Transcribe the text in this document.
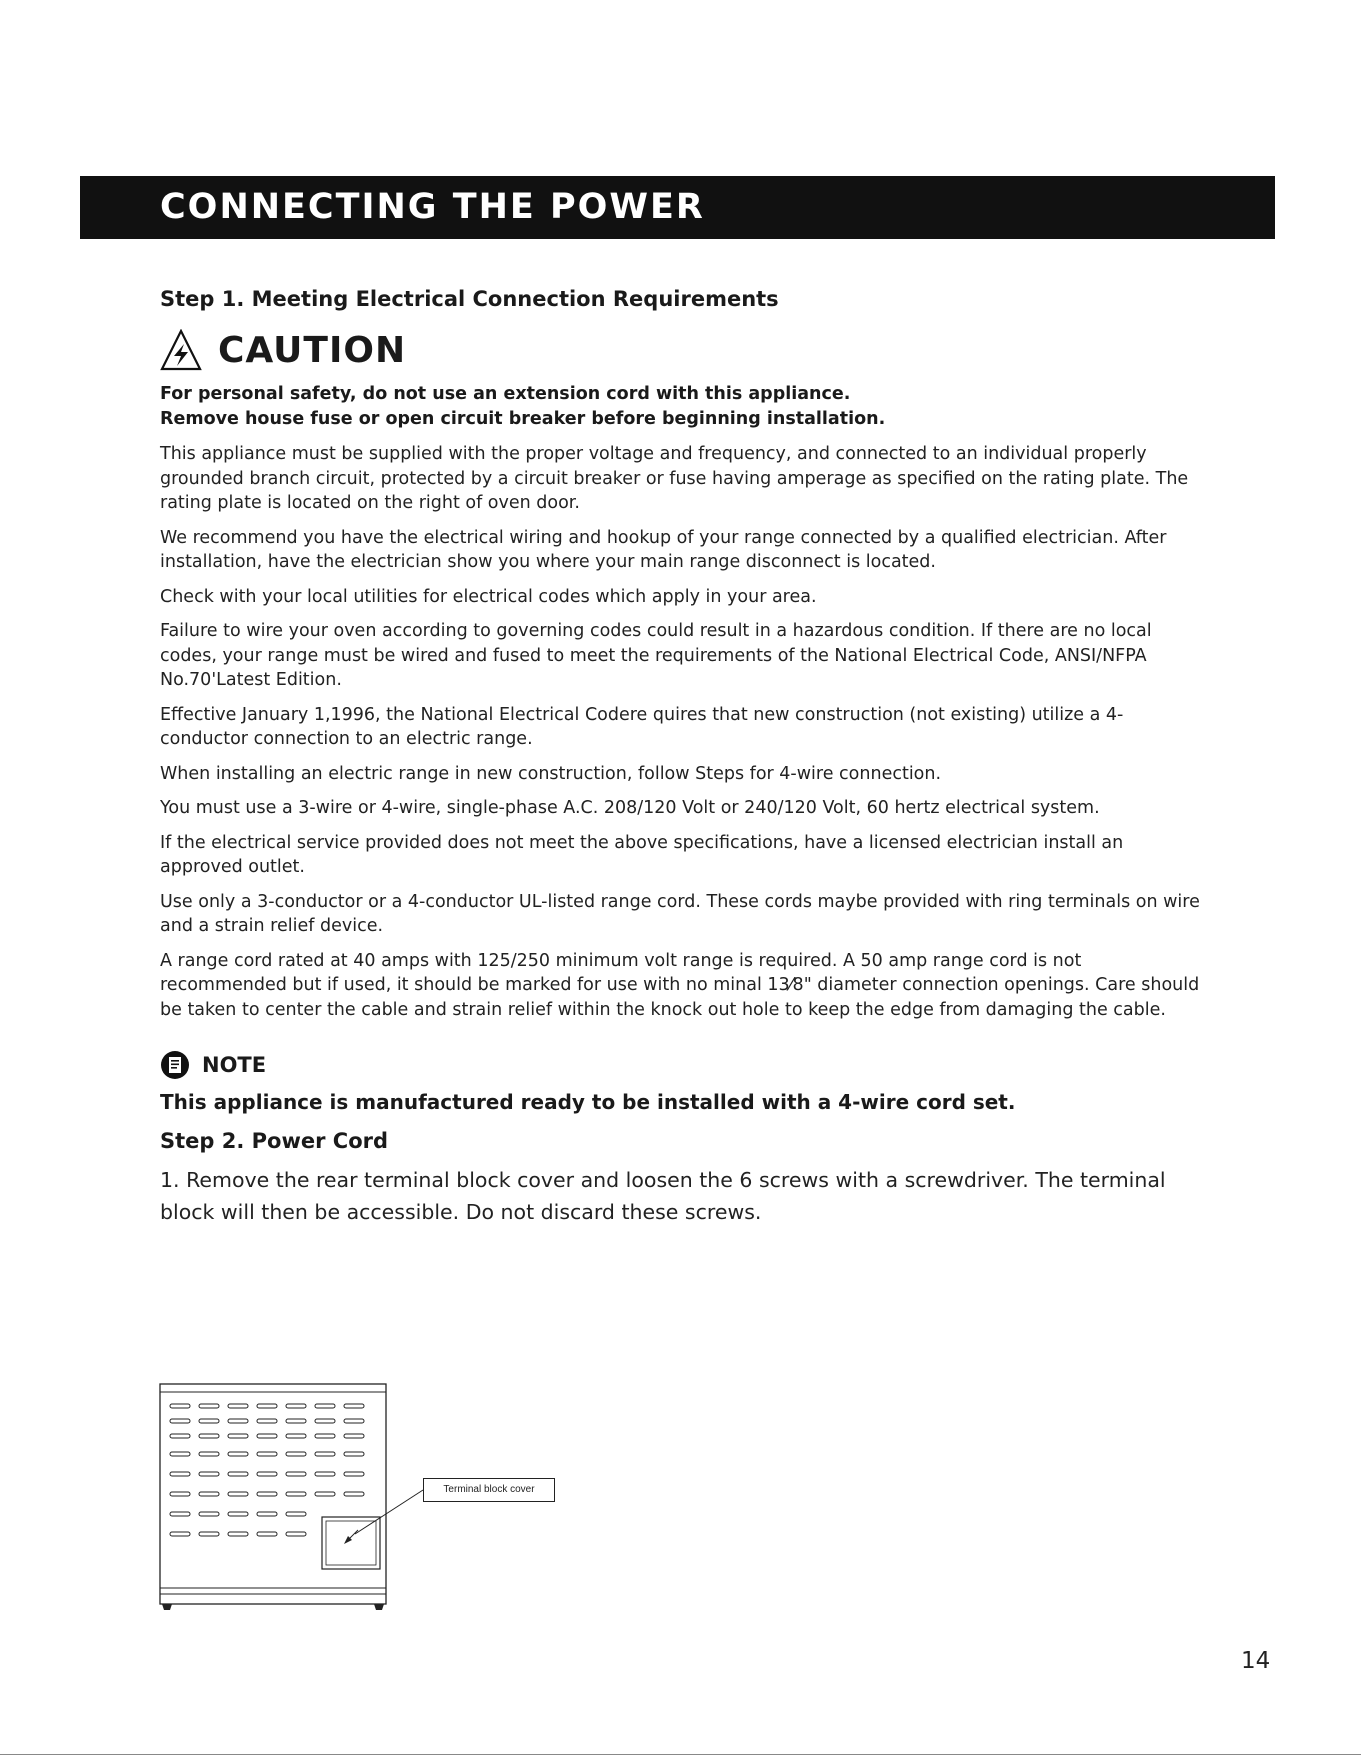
CONNECTING THE POWER
Step 1. Meeting Electrical Connection Requirements
CAUTION

For personal safety, do not use an extension cord with this appliance.

Remove house fuse or open circuit breaker before beginning installation.

This appliance must be supplied with the proper voltage and frequency, and connected to an individual properly grounded branch circuit, protected by a circuit breaker or fuse having amperage as specified on the rating plate. The rating plate is located on the right of oven door.

We recommend you have the electrical wiring and hookup of your range connected by a qualified electrician. After installation, have the electrician show you where your main range disconnect is located.

Check with your local utilities for electrical codes which apply in your area.

Failure to wire your oven according to governing codes could result in a hazardous condition. If there are no local codes, your range must be wired and fused to meet the requirements of the National Electrical Code, ANSI/NFPA No.70'Latest Edition.

Effective January 1,1996, the National Electrical Codere quires that new construction (not existing) utilize a 4-conductor connection to an electric range.

When installing an electric range in new construction, follow Steps for 4-wire connection.

You must use a 3-wire or 4-wire, single-phase A.C. 208/120 Volt or 240/120 Volt, 60 hertz electrical system.

If the electrical service provided does not meet the above specifications, have a licensed electrician install an approved outlet.

Use only a 3-conductor or a 4-conductor UL-listed range cord. These cords maybe provided with ring terminals on wire and a strain relief device.

A range cord rated at 40 amps with 125/250 minimum volt range is required. A 50 amp range cord is not recommended but if used, it should be marked for use with no minal 13⁄8" diameter connection openings. Care should be taken to center the cable and strain relief within the knock out hole to keep the edge from damaging the cable.

NOTE

This appliance is manufactured ready to be installed with a 4-wire cord set.

Step 2. Power Cord

1. Remove the rear terminal block cover and loosen the 6 screws with a screwdriver. The terminal block will then be accessible. Do not discard these screws.

Terminal block cover
14
